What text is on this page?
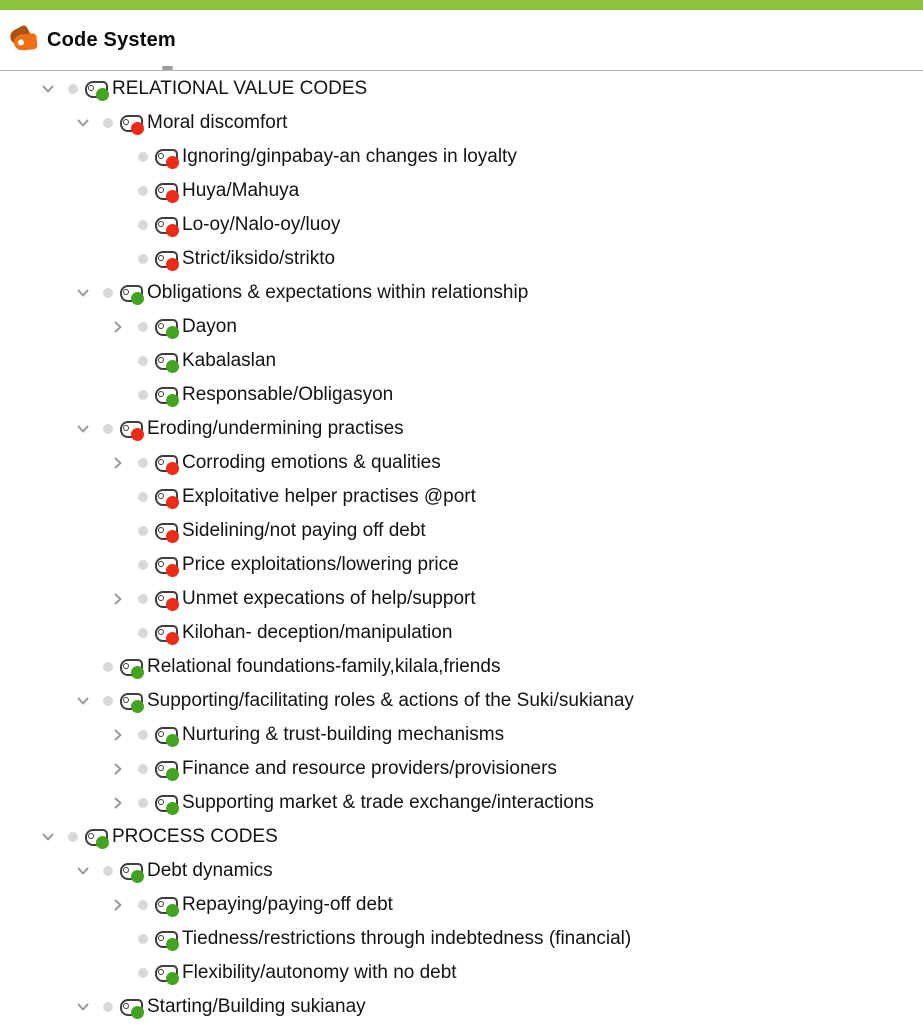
Code System
RELATIONAL VALUE CODES
Moral discomfort
Ignoring/ginpabay-an changes in loyalty
Huya/Mahuya
Lo-oy/Nalo-oy/luoy
Strict/iksido/strikto
Obligations & expectations within relationship
Dayon
Kabalaslan
Responsable/Obligasyon
Eroding/undermining practises
Corroding emotions & qualities
Exploitative helper practises @port
Sidelining/not paying off debt
Price exploitations/lowering price
Unmet expecations of help/support
Kilohan- deception/manipulation
Relational foundations-family,kilala,friends
Supporting/facilitating roles & actions of the Suki/sukianay
Nurturing & trust-building mechanisms
Finance and resource providers/provisioners
Supporting market & trade exchange/interactions
PROCESS CODES
Debt dynamics
Repaying/paying-off debt
Tiedness/restrictions through indebtedness (financial)
Flexibility/autonomy with no debt
Starting/Building sukianay
